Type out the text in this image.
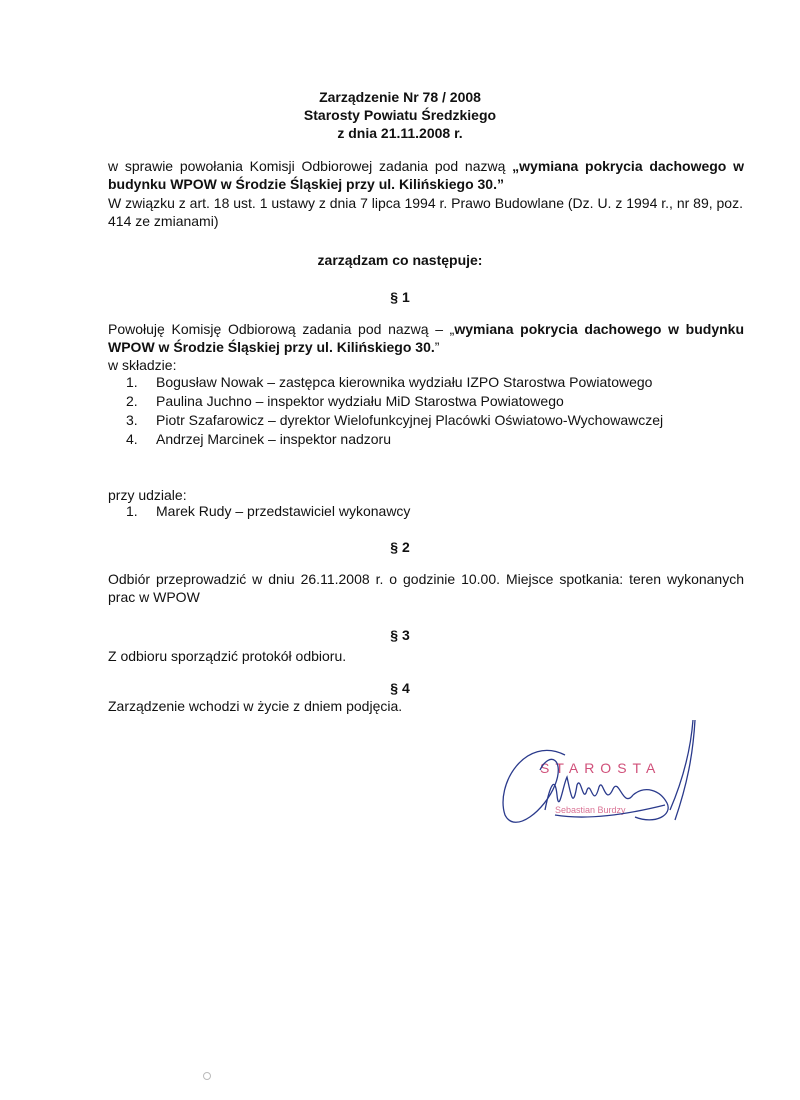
Zarządzenie Nr 78 / 2008
Starosty Powiatu Średzkiego
z dnia 21.11.2008 r.
w sprawie powołania Komisji Odbiorowej zadania pod nazwą „wymiana pokrycia dachowego w budynku WPOW w Środzie Śląskiej przy ul. Kilińskiego 30.”
W związku z art. 18 ust. 1 ustawy z dnia 7 lipca 1994 r. Prawo Budowlane (Dz. U. z 1994 r., nr 89, poz. 414 ze zmianami)
zarządzam co następuje:
§ 1
Powołuję Komisję Odbiorową zadania pod nazwą – „wymiana pokrycia dachowego w budynku WPOW w Środzie Śląskiej przy ul. Kilińskiego 30.”
w składzie:
1. Bogusław Nowak – zastępca kierownika wydziału IZPO Starostwa Powiatowego
2. Paulina Juchno – inspektor wydziału MiD Starostwa Powiatowego
3. Piotr Szafarowicz – dyrektor Wielofunkcyjnej Placówki Oświatowo-Wychowawczej
4. Andrzej Marcinek – inspektor nadzoru
przy udziale:
1. Marek Rudy – przedstawiciel wykonawcy
§ 2
Odbiór przeprowadzić w dniu 26.11.2008 r. o godzinie 10.00. Miejsce spotkania: teren wykonanych prac w WPOW
§ 3
Z odbioru sporządzić protokół odbioru.
§ 4
Zarządzenie wchodzi w życie z dniem podjęcia.
STAROSTA
Sebastian Burdzy
